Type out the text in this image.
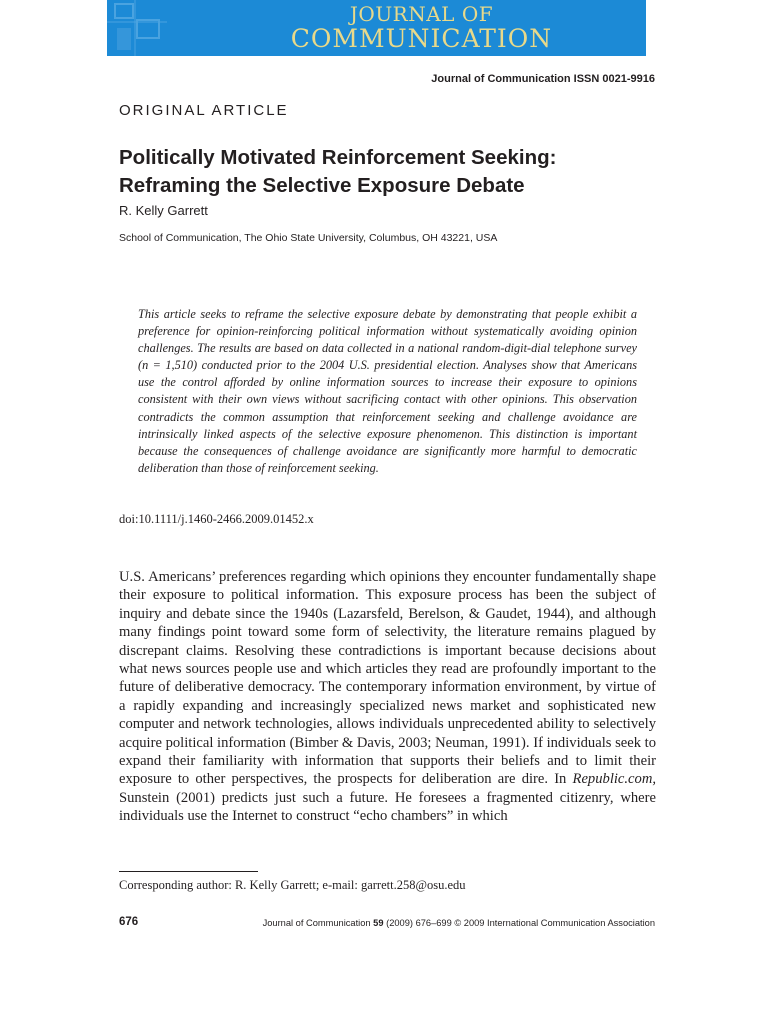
JOURNAL OF
COMMUNICATION
Journal of Communication ISSN 0021-9916
ORIGINAL ARTICLE
Politically Motivated Reinforcement Seeking:
Reframing the Selective Exposure Debate
R. Kelly Garrett
School of Communication, The Ohio State University, Columbus, OH 43221, USA

This article seeks to reframe the selective exposure debate by demonstrating that people exhibit a preference for opinion-reinforcing political information without systematically avoiding opinion challenges. The results are based on data collected in a national random-digit-dial telephone survey (n = 1,510) conducted prior to the 2004 U.S. presidential election. Analyses show that Americans use the control afforded by online information sources to increase their exposure to opinions consistent with their own views without sacrificing contact with other opinions. This observation contradicts the common assumption that reinforcement seeking and challenge avoidance are intrinsically linked aspects of the selective exposure phenomenon. This distinction is important because the consequences of challenge avoidance are significantly more harmful to democratic deliberation than those of reinforcement seeking.

doi:10.1111/j.1460-2466.2009.01452.x

U.S. Americans’ preferences regarding which opinions they encounter fundamentally shape their exposure to political information. This exposure process has been the subject of inquiry and debate since the 1940s (Lazarsfeld, Berelson, & Gaudet, 1944), and although many findings point toward some form of selectivity, the literature remains plagued by discrepant claims. Resolving these contradictions is important because decisions about what news sources people use and which articles they read are profoundly important to the future of deliberative democracy. The contemporary information environment, by virtue of a rapidly expanding and increasingly specialized news market and sophisticated new computer and network technologies, allows individuals unprecedented ability to selectively acquire political information (Bimber & Davis, 2003; Neuman, 1991). If individuals seek to expand their familiarity with information that supports their beliefs and to limit their exposure to other perspectives, the prospects for deliberation are dire. In Republic.com, Sunstein (2001) predicts just such a future. He foresees a fragmented citizenry, where individuals use the Internet to construct “echo chambers” in which

Corresponding author: R. Kelly Garrett; e-mail: garrett.258@osu.edu
676	Journal of Communication 59 (2009) 676–699 © 2009 International Communication Association
